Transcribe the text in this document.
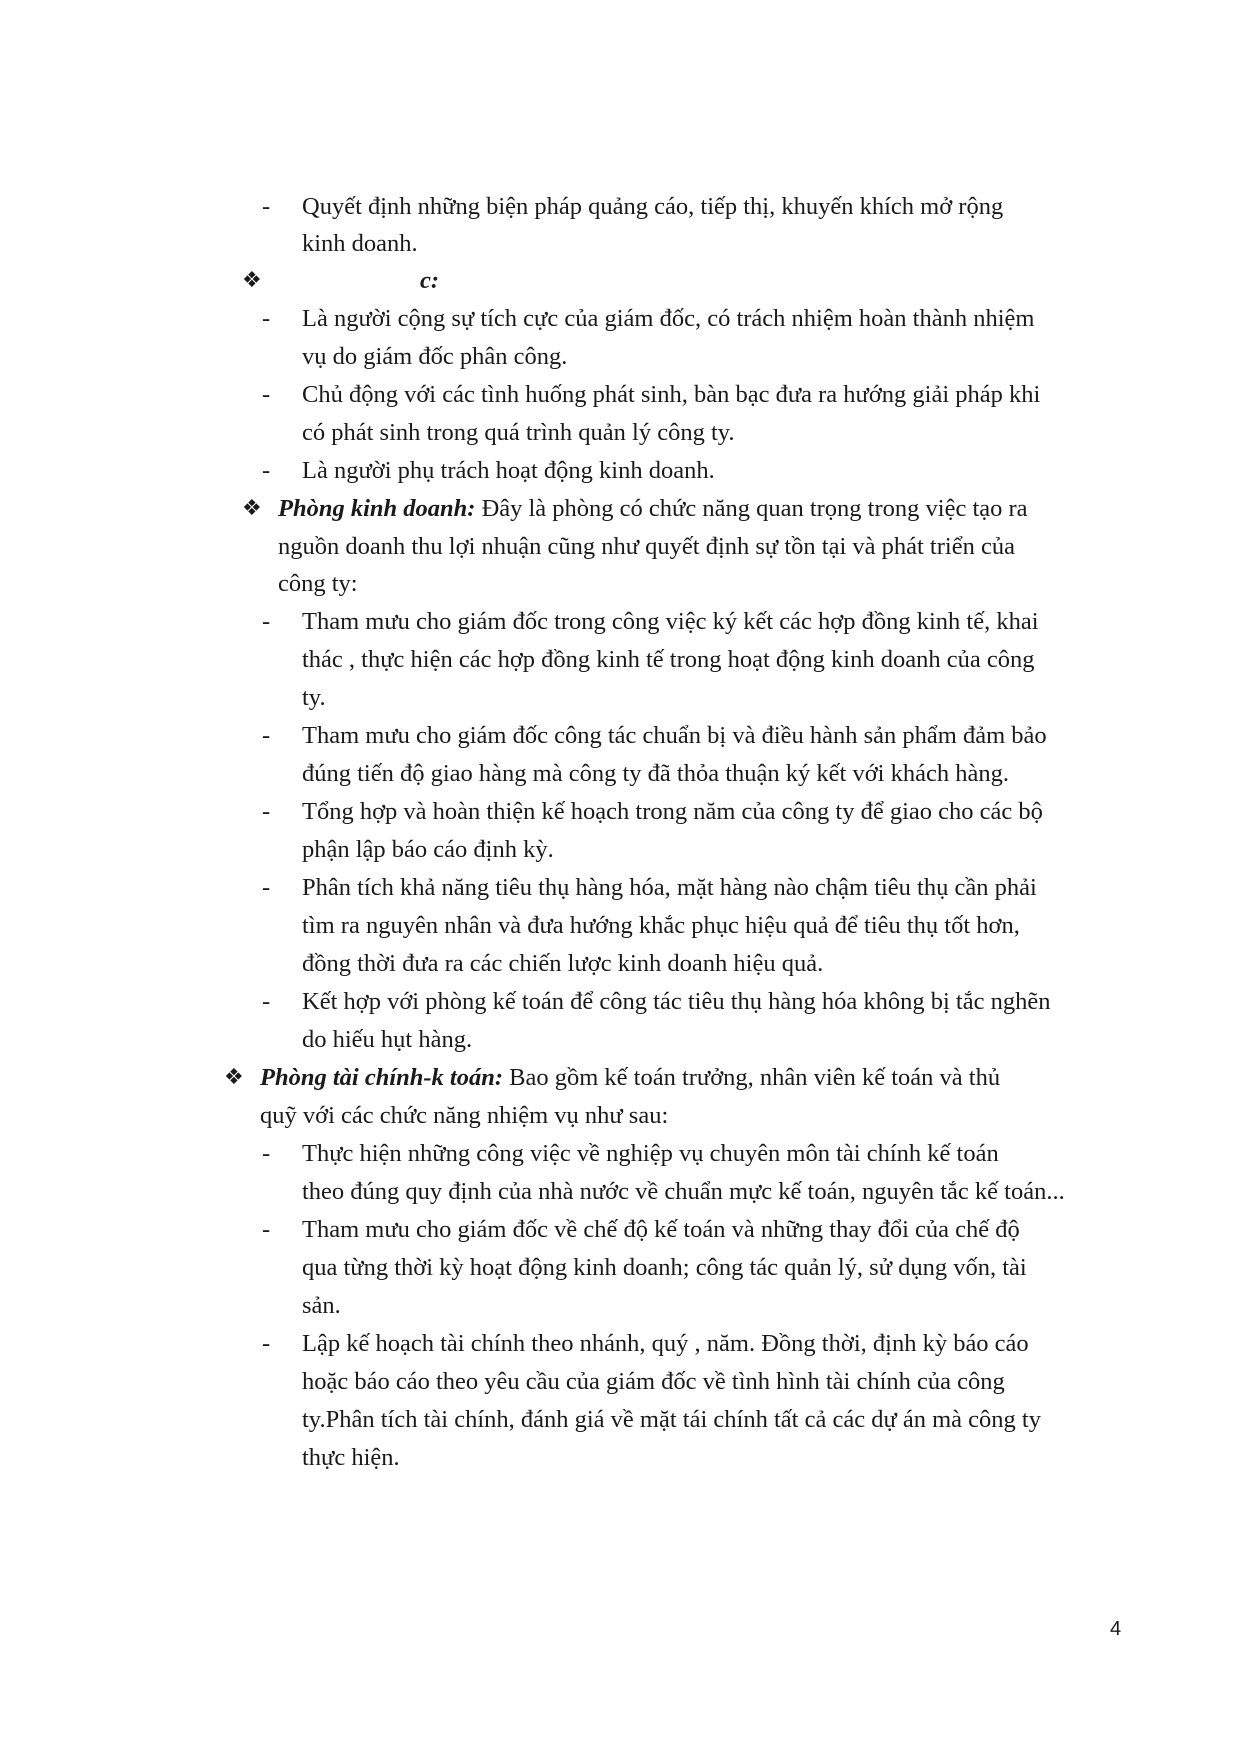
- Quyết định những biện pháp quảng cáo, tiếp thị, khuyến khích mở rộng
kinh doanh.
❖	c:
- Là người cộng sự tích cực của giám đốc, có trách nhiệm hoàn thành nhiệm
vụ do giám đốc phân công.
- Chủ động với các tình huống phát sinh, bàn bạc đưa ra hướng giải pháp khi
có phát sinh trong quá trình quản lý công ty.
- Là người phụ trách hoạt động kinh doanh.
❖ Phòng kinh doanh: Đây là phòng có chức năng quan trọng trong việc tạo ra
nguồn doanh thu lợi nhuận cũng như quyết định sự tồn tại và phát triển của
công ty:
- Tham mưu cho giám đốc trong công việc ký kết các hợp đồng kinh tế, khai
thác , thực hiện các hợp đồng kinh tế trong hoạt động kinh doanh của công
ty.
- Tham mưu cho giám đốc công tác chuẩn bị và điều hành sản phẩm đảm bảo
đúng tiến độ giao hàng mà công ty đã thỏa thuận ký kết với khách hàng.
- Tổng hợp và hoàn thiện kế hoạch trong năm của công ty để giao cho các bộ
phận lập báo cáo định kỳ.
- Phân tích khả năng tiêu thụ hàng hóa, mặt hàng nào chậm tiêu thụ cần phải
tìm ra nguyên nhân và đưa hướng khắc phục hiệu quả để tiêu thụ tốt hơn,
đồng thời đưa ra các chiến lược kinh doanh hiệu quả.
- Kết hợp với phòng kế toán để công tác tiêu thụ hàng hóa không bị tắc nghẽn
do hiếu hụt hàng.
❖ Phòng tài chính-k toán: Bao gồm kế toán trưởng, nhân viên kế toán và thủ
quỹ với các chức năng nhiệm vụ như sau:
- Thực hiện những công việc về nghiệp vụ chuyên môn tài chính kế toán
theo đúng quy định của nhà nước về chuẩn mực kế toán, nguyên tắc kế toán...
- Tham mưu cho giám đốc về chế độ kế toán và những thay đổi của chế độ
qua từng thời kỳ hoạt động kinh doanh; công tác quản lý, sử dụng vốn, tài
sản.
- Lập kế hoạch tài chính theo nhánh, quý , năm. Đồng thời, định kỳ báo cáo
hoặc báo cáo theo yêu cầu của giám đốc về tình hình tài chính của công
ty.Phân tích tài chính, đánh giá về mặt tái chính tất cả các dự án mà công ty
thực hiện.
4
